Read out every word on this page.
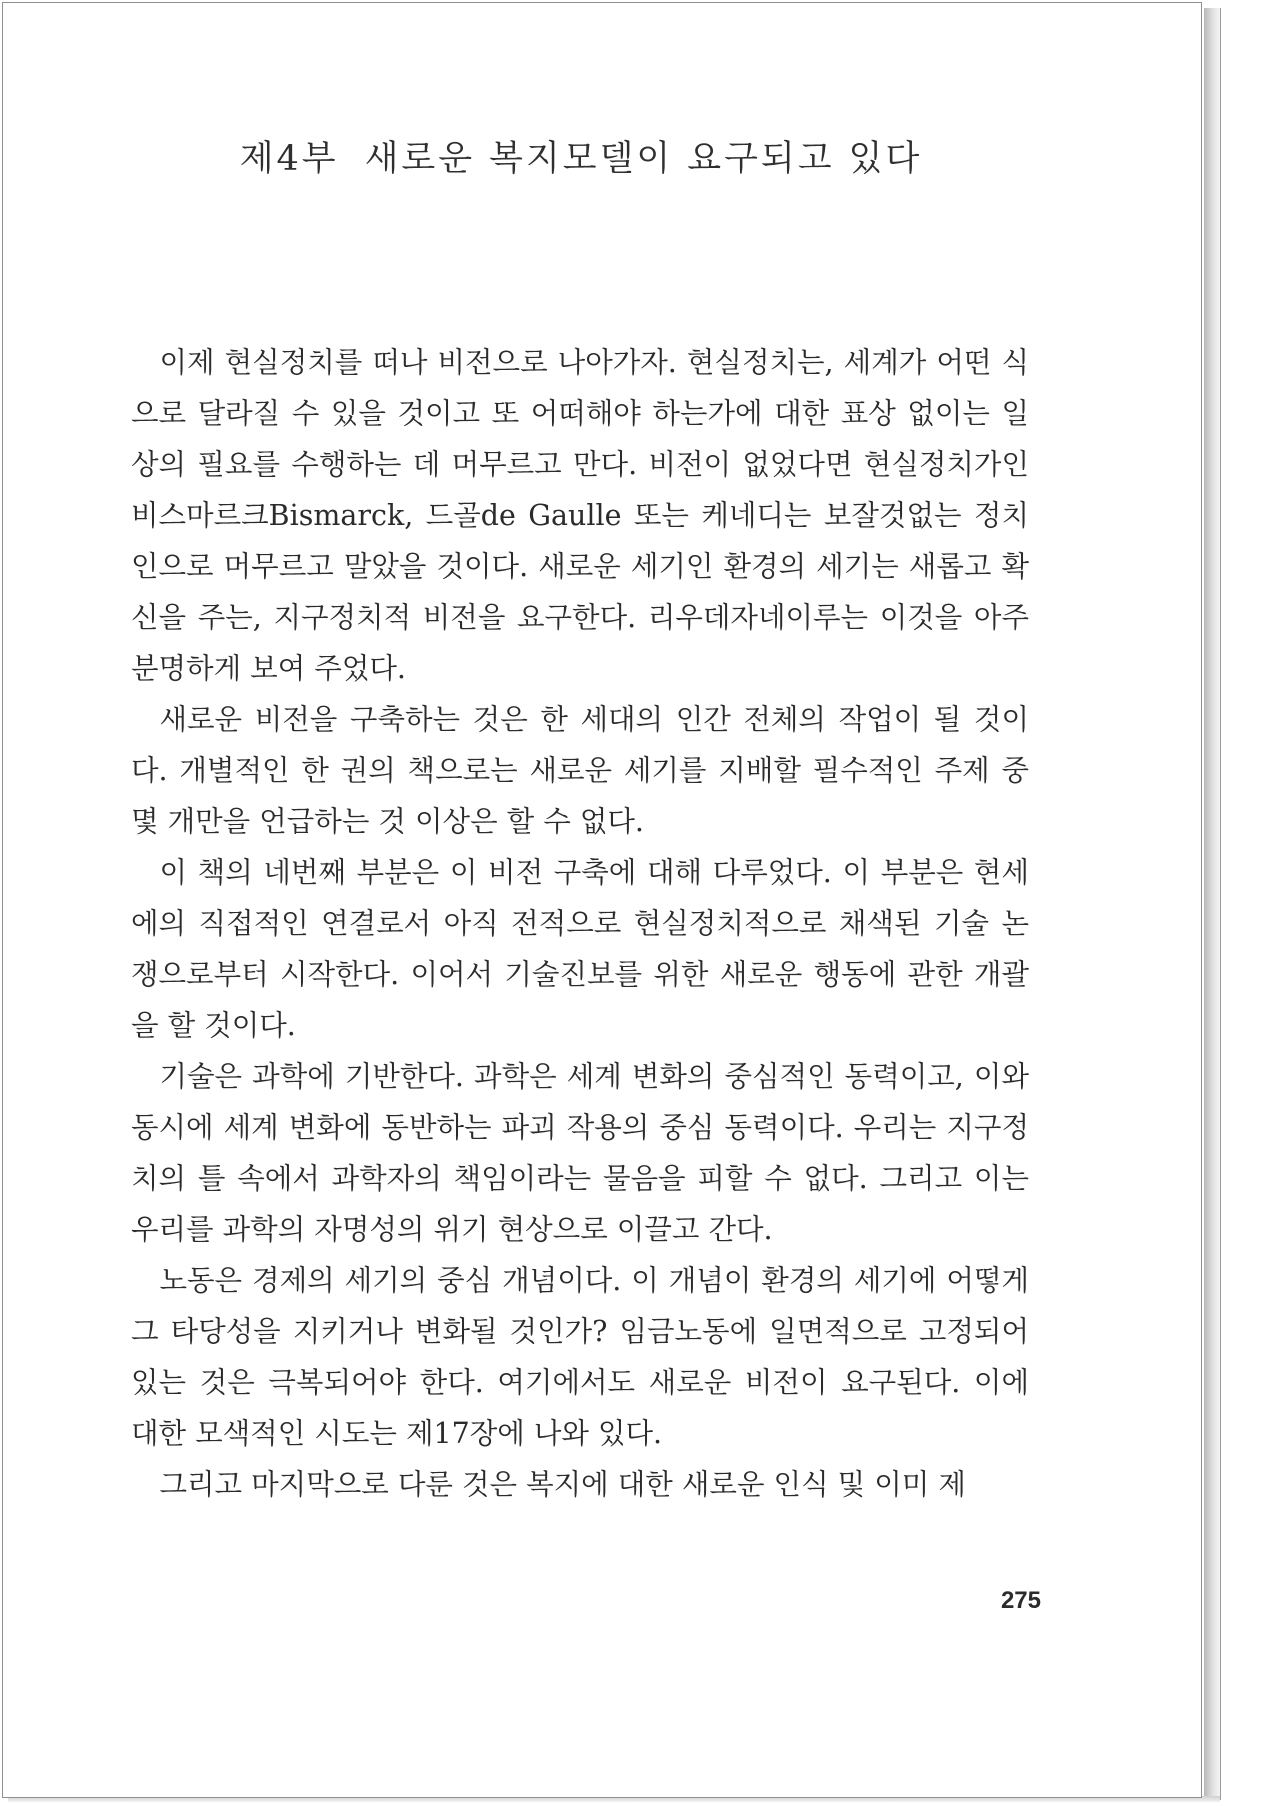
제4부 새로운 복지모델이 요구되고 있다

이제 현실정치를 떠나 비전으로 나아가자. 현실정치는, 세계가 어떤 식으로 달라질 수 있을 것이고 또 어떠해야 하는가에 대한 표상 없이는 일상의 필요를 수행하는 데 머무르고 만다. 비전이 없었다면 현실정치가인 비스마르크Bismarck, 드골de Gaulle 또는 케네디는 보잘것없는 정치인으로 머무르고 말았을 것이다. 새로운 세기인 환경의 세기는 새롭고 확신을 주는, 지구정치적 비전을 요구한다. 리우데자네이루는 이것을 아주 분명하게 보여 주었다.

새로운 비전을 구축하는 것은 한 세대의 인간 전체의 작업이 될 것이다. 개별적인 한 권의 책으로는 새로운 세기를 지배할 필수적인 주제 중 몇 개만을 언급하는 것 이상은 할 수 없다.

이 책의 네번째 부분은 이 비전 구축에 대해 다루었다. 이 부분은 현세에의 직접적인 연결로서 아직 전적으로 현실정치적으로 채색된 기술 논쟁으로부터 시작한다. 이어서 기술진보를 위한 새로운 행동에 관한 개괄을 할 것이다.

기술은 과학에 기반한다. 과학은 세계 변화의 중심적인 동력이고, 이와 동시에 세계 변화에 동반하는 파괴 작용의 중심 동력이다. 우리는 지구정치의 틀 속에서 과학자의 책임이라는 물음을 피할 수 없다. 그리고 이는 우리를 과학의 자명성의 위기 현상으로 이끌고 간다.

노동은 경제의 세기의 중심 개념이다. 이 개념이 환경의 세기에 어떻게 그 타당성을 지키거나 변화될 것인가? 임금노동에 일면적으로 고정되어 있는 것은 극복되어야 한다. 여기에서도 새로운 비전이 요구된다. 이에 대한 모색적인 시도는 제17장에 나와 있다.

그리고 마지막으로 다룬 것은 복지에 대한 새로운 인식 및 이미 제

275
